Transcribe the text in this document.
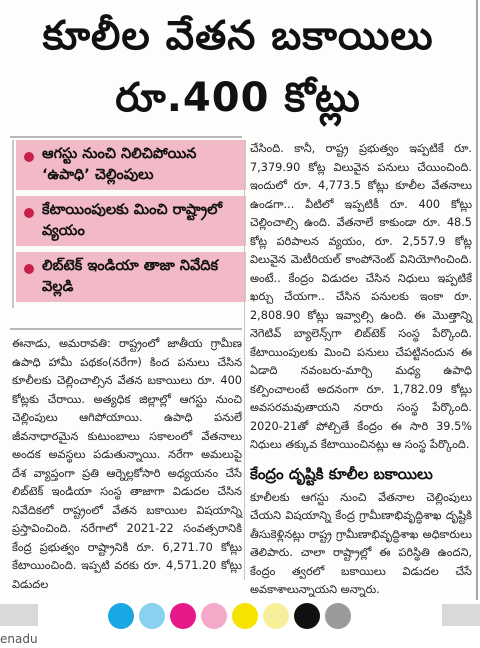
కూలీల వేతన బకాయిలు
రూ.400 కోట్లు
ఆగస్టు నుంచి నిలిచిపోయిన ‘ఉపాధి’ చెల్లింపులు
కేటాయింపులకు మించి రాష్ట్రాలో వ్యయం
లిబ్‌టెక్ ఇండియా తాజా నివేదిక వెల్లడి

ఈనాడు, అమరావతి: రాష్ట్రంలో జాతీయ గ్రామీణ ఉపాధి హామీ పథకం(నరేగా) కింద పనులు చేసిన కూలీలకు చెల్లించాల్సిన వేతన బకాయిలు రూ. 400 కోట్లకు చేరాయి. అత్యధిక జిల్లాల్లో ఆగస్టు నుంచి చెల్లింపులు ఆగిపోయాయి. ఉపాధి పనులే జీవనాధారమైన కుటుంబాలు సకాలంలో వేతనాలు అందక అవస్థలు పడుతున్నాయి. నరేగా అమలుపై దేశ వ్యాప్తంగా ప్రతి ఆర్నెల్లకోసారి అధ్యయనం చేసే లిబ్‌టెక్ ఇండియా సంస్థ తాజాగా విడుదల చేసిన నివేదికలో రాష్ట్రంలో వేతన బకాయిల విషయాన్ని ప్రస్తావించింది. నరేగాలో 2021-22 సంవత్సరానికి కేంద్ర ప్రభుత్వం రాష్ట్రానికి రూ. 6,271.70 కోట్లు కేటాయించింది. ఇప్పటి వరకు రూ. 4,571.20 కోట్లు విడుదల

చేసింది. కానీ, రాష్ట్ర ప్రభుత్వం ఇప్పటికే రూ. 7,379.90 కోట్ల విలువైన పనులు చేయించింది. ఇందులో రూ. 4,773.5 కోట్లు కూలీల వేతనాలు ఉండగా... వీటిలో ఇప్పటికీ రూ. 400 కోట్లు చెల్లించాల్సి ఉంది. వేతనాలే కాకుండా రూ. 48.5 కోట్ల పరిపాలన వ్యయం, రూ. 2,557.9 కోట్ల విలువైన మెటీరియల్ కాంపోనెంట్ వినియోగించింది. అంటే.. కేంద్రం విడుదల చేసిన నిధులు ఇప్పటికే ఖర్చు చేయగా.. చేసిన పనులకు ఇంకా రూ. 2,808.90 కోట్లు ఇవ్వాల్సి ఉంది. ఈ మొత్తాన్ని నెగెటివ్ బ్యాలెన్స్‌గా లిబ్‌టెక్ సంస్థ పేర్కొంది. కేటాయింపులకు మించి పనులు చేపట్టినందున ఈ ఏడాది నవంబరు-మార్చి మధ్య ఉపాధి కల్పించాలంటే అదనంగా రూ. 1,782.09 కోట్లు అవసరమవుతాయని నరారు సంస్థ పేర్కొంది. 2020-21తో పోల్చితే కేంద్రం ఈ సారి 39.5% నిధులు తక్కువ కేటాయించినట్లు ఆ సంస్థ పేర్కొంది.

కేంద్రం దృష్టికి కూలీల బకాయిలు

కూలీలకు ఆగస్టు నుంచి వేతనాల చెల్లింపులు చేయని విషయాన్ని కేంద్ర గ్రామీణాభివృద్ధిశాఖ దృష్టికి తీసుకెళ్లినట్లు రాష్ట్ర గ్రామీణాభివృద్ధిశాఖ అధికారులు తెలిపారు. చాలా రాష్ట్రాల్లో ఈ పరిస్థితి ఉందని, కేంద్రం త్వరలో బకాయిలు విడుదల చేసే అవకాశాలున్నాయని అన్నారు.

enadu
